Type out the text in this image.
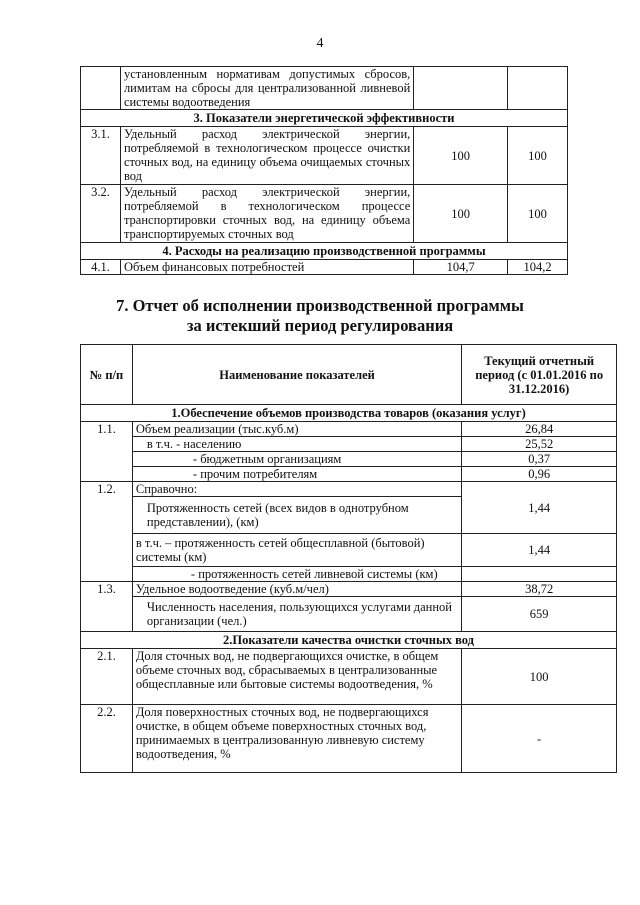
4
	установленным нормативам допустимых сбросов, лимитам на сбросы для централизованной ливневой системы водоотведения		
3. Показатели энергетической эффективности			
3.1.	Удельный расход электрической энергии, потребляемой в технологическом процессе очистки сточных вод, на единицу объема очищаемых сточных вод	100	100
3.2.	Удельный расход электрической энергии, потребляемой в технологическом процессе транспортировки сточных вод, на единицу объема транспортируемых сточных вод	100	100
4. Расходы на реализацию производственной программы			
4.1.	Объем финансовых потребностей	104,7	104,2
7. Отчет об исполнении производственной программы
за истекший период регулирования
№ п/п	Наименование показателей	Текущий отчетный период (с 01.01.2016 по 31.12.2016)
1.Обеспечение объемов производства товаров (оказания услуг)		
1.1.	Объем реализации (тыс.куб.м)	26,84
	в т.ч. - населению	25,52
	- бюджетным организациям	0,37
	- прочим потребителям	0,96
1.2.	Справочно:	1,44
	Протяженность сетей (всех видов в однотрубном представлении), (км)	
	в т.ч. – протяженность сетей общесплавной (бытовой) системы (км)	1,44
	- протяженность сетей ливневой системы (км)	
1.3.	Удельное водоотведение (куб.м/чел)	38,72
	Численность населения, пользующихся услугами данной организации (чел.)	659
2.Показатели качества очистки сточных вод		
2.1.	Доля сточных вод, не подвергающихся очистке, в общем объеме сточных вод, сбрасываемых в централизованные общесплавные или бытовые системы водоотведения, %	100
2.2.	Доля поверхностных сточных вод, не подвергающихся очистке, в общем объеме поверхностных сточных вод, принимаемых в централизованную ливневую систему водоотведения, %	-
